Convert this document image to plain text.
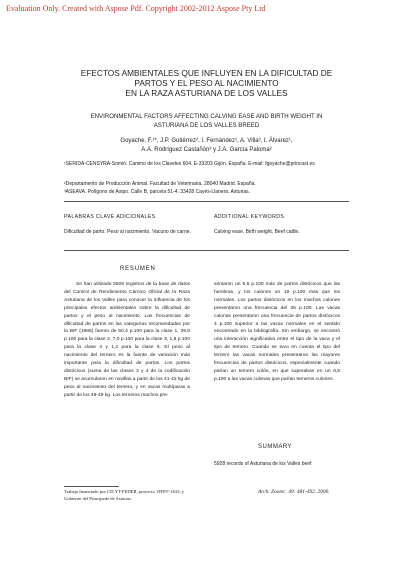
Evaluation Only. Created with Aspose Pdf. Copyright 2002-2012 Aspose Pty Ltd
EFECTOS AMBIENTALES QUE INFLUYEN EN LA DIFICULTAD DE
PARTOS Y EL PESO AL NACIMIENTO
EN LA RAZA ASTURIANA DE LOS VALLES
ENVIRONMENTAL FACTORS AFFECTING CALVING EASE AND BIRTH WEIGHT IN
ASTURIANA DE LOS VALLES BREED
Goyache, F.¹*, J.P. Gutiérrez², I. Fernández¹, A. Villa³, I. Álvarez¹,
A.A. Rodríguez Castañón³ y J.A. García Paloma²
¹SERIDA-CENSYRA-Somió. Camino de los Claveles 604. E-33203 Gijón. España. E-mail: fgoyache@princast.es
²Departamento de Producción Animal. Facultad de Veterinaria. 28040 Madrid. España.
³ASEAVA. Polígono de Asipo. Calle B, parcela 51-4. 33428 Cayés-Llanera. Asturias.
PALABRAS CLAVE ADICIONALES	ADDITIONAL KEYWORDS
Dificultad de parto. Peso al nacimiento. Vacuno de carne.	Calving ease. Birth weight. Beef cattle.
RESUMEN
Se han utilizado 5928 registros de la base de datos del Control de Rendimiento Cárnico Oficial de la Raza Asturiana de los Valles para conocer la influencia de los principales efectos ambientales sobre la dificultad de partos y el peso al nacimiento. Las frecuencias de dificultad de partos en las categorías recomendadas por la BIF (1986) fueron de 50,4 p.100 para la clase 1, 39,6 p.100 para la clase 2, 7,0 p.100 para la clase 3, 1,8 p.100 para la clase 4 y 1,2 para la clase 5. El peso al nacimiento del ternero es la fuente de variación más importante para la dificultad de partos. Los partos distócicos (suma de las clases 3 y 4 de la codificación BIF) se acumularon en novillas a partir de los 41-42 kg de peso al nacimiento del ternero, y en vacas multíparas a partir de los 48-49 kg. Los terneros machos pre-
sentaron un 6,5 p.100 más de partos distócicos que las hembras, y los culones un 16 p.100 más que los normales. Los partos distócicos en los machos culones presentaron una frecuencia del 25 p.100. Las vacas culonas presentaron una frecuencia de partos distócicos 4 p.100 superior a las vacas normales en el sentido encontrado en la bibliografía. Sin embargo, se encontró una interacción significativa entre el tipo de la vaca y el tipo de ternero. Cuando se tuvo en cuenta el tipo del ternero las vacas normales presentaron las mayores frecuencias de partos distócicos, especialmente cuando parían un ternero culón, en que superaban en un 6,5 p.100 a las vacas culonas que parían terneros culones.
Trabajo financiado por CICYT-FEDER, proyecto 1FD97-1633, y Gobierno del Principado de Asturias.
SUMMARY
5928 records of Asturiana de los Valles beef
Arch. Zootec. 49: 481-492. 2000.
